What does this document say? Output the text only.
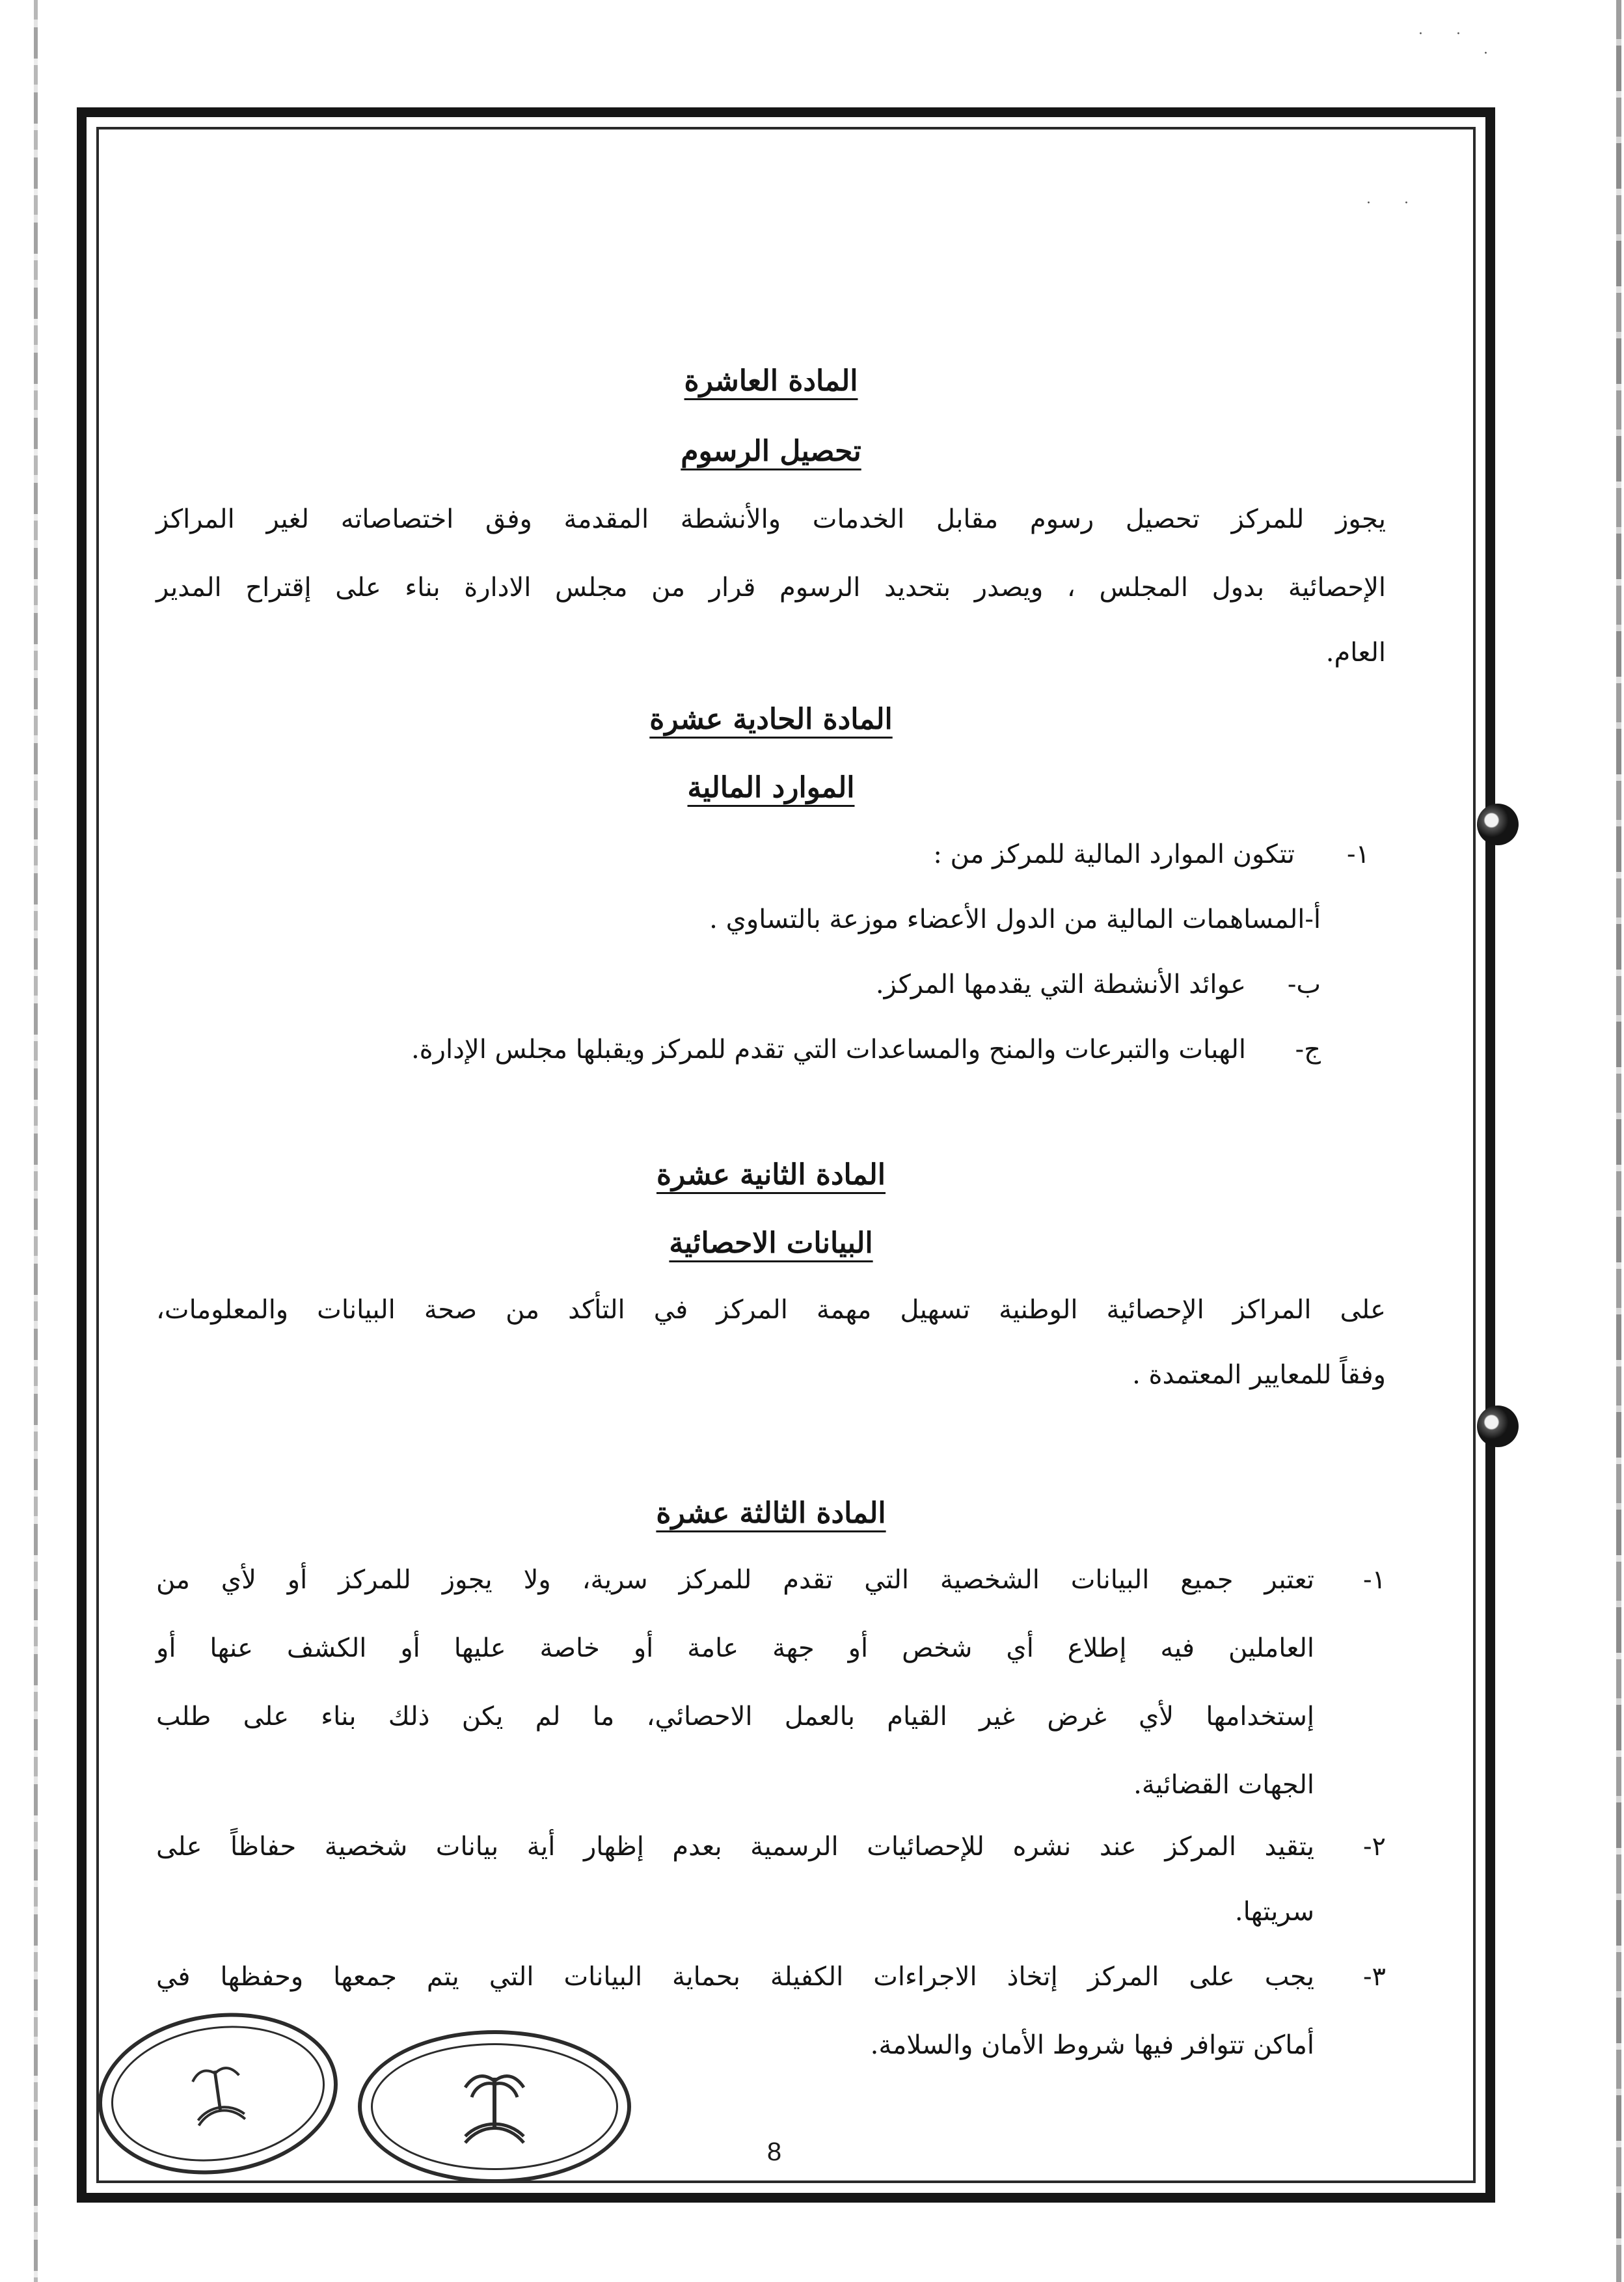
· ·
·
· ·
المادة العاشرة
تحصيل الرسوم
يجوز للمركز تحصيل رسوم مقابل الخدمات والأنشطة المقدمة وفق اختصاصاته لغير المراكز
الإحصائية بدول المجلس ، ويصدر بتحديد الرسوم قرار من مجلس الادارة بناء على إقتراح المدير
العام.
المادة الحادية عشرة
الموارد المالية
١-
تتكون الموارد المالية للمركز من :
أ-المساهمات المالية من الدول الأعضاء موزعة بالتساوي .
ب-
عوائد الأنشطة التي يقدمها المركز.
ج-
الهبات والتبرعات والمنح والمساعدات التي تقدم للمركز ويقبلها مجلس الإدارة.
المادة الثانية عشرة
البيانات الاحصائية
على المراكز الإحصائية الوطنية تسهيل مهمة المركز في التأكد من صحة البيانات والمعلومات،
وفقاً للمعايير المعتمدة .
المادة الثالثة عشرة
١-
تعتبر جميع البيانات الشخصية التي تقدم للمركز سرية، ولا يجوز للمركز أو لأي من
العاملين فيه إطلاع أي شخص أو جهة عامة أو خاصة عليها أو الكشف عنها أو
إستخدامها لأي غرض غير القيام بالعمل الاحصائي، ما لم يكن ذلك بناء على طلب
الجهات القضائية.
٢-
يتقيد المركز عند نشره للإحصائيات الرسمية بعدم إظهار أية بيانات شخصية حفاظاً على
سريتها.
٣-
يجب على المركز إتخاذ الاجراءات الكفيلة بحماية البيانات التي يتم جمعها وحفظها في
أماكن تتوافر فيها شروط الأمان والسلامة.
8
